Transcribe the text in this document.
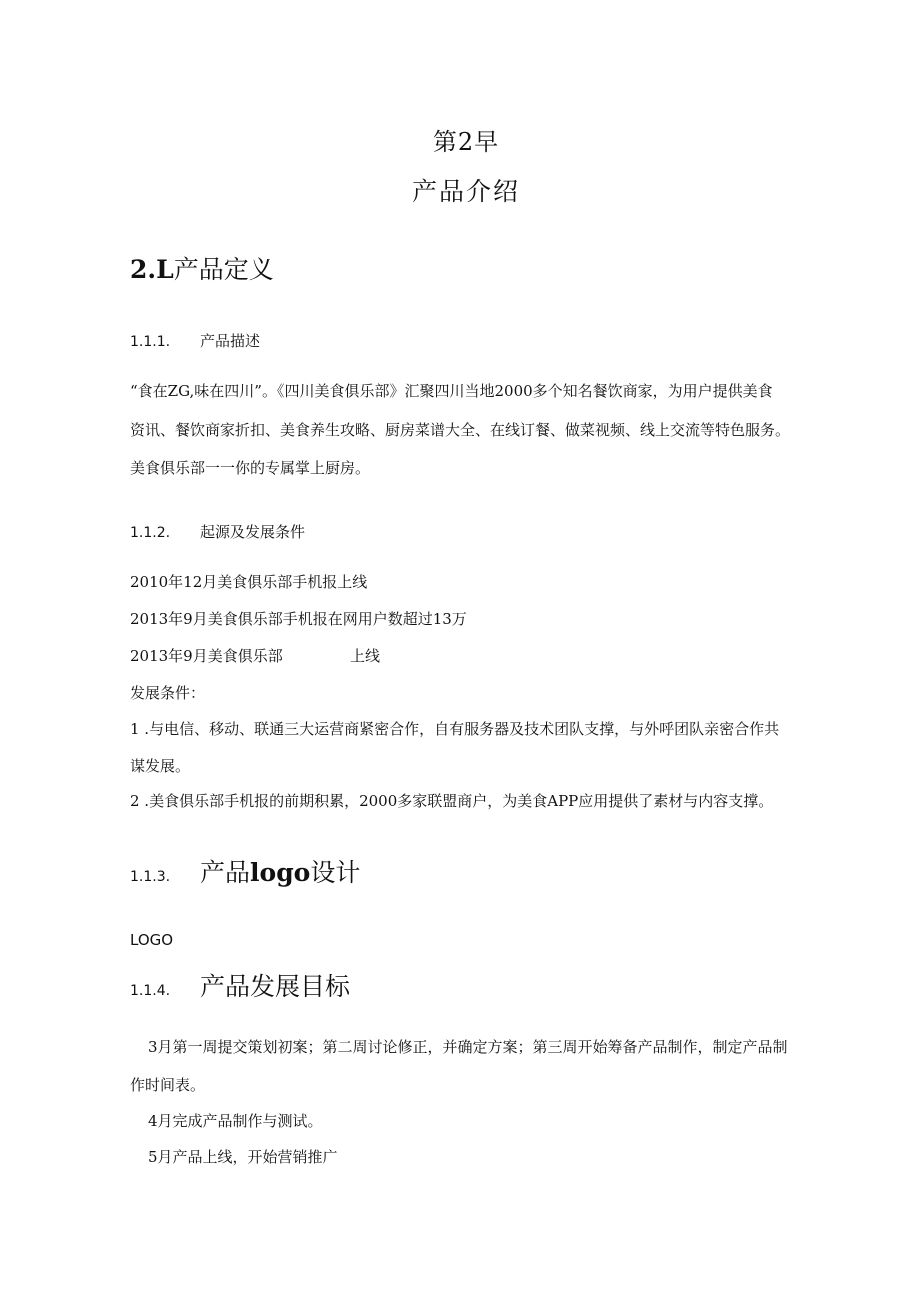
第2早
产品介绍
2.L产品定义
1.1.1. 产品描述
“食在ZG,味在四川”。《四川美食俱乐部》汇聚四川当地2000多个知名餐饮商家，为用户提供美食
资讯、餐饮商家折扣、美食养生攻略、厨房菜谱大全、在线订餐、做菜视频、线上交流等特色服务。
美食俱乐部一一你的专属掌上厨房。
1.1.2. 起源及发展条件
2010年12月美食俱乐部手机报上线
2013年9月美食俱乐部手机报在网用户数超过13万
2013年9月美食俱乐部	上线
发展条件：
1 .与电信、移动、联通三大运营商紧密合作，自有服务器及技术团队支撑，与外呼团队亲密合作共
谋发展。
2 .美食俱乐部手机报的前期积累，2000多家联盟商户，为美食APP应用提供了素材与内容支撑。
1.1.3. 产品logo设计
LOGO
1.1.4. 产品发展目标
3月第一周提交策划初案；第二周讨论修正，并确定方案；第三周开始筹备产品制作，制定产品制
作时间表。
4月完成产品制作与测试。
5月产品上线，开始营销推广
